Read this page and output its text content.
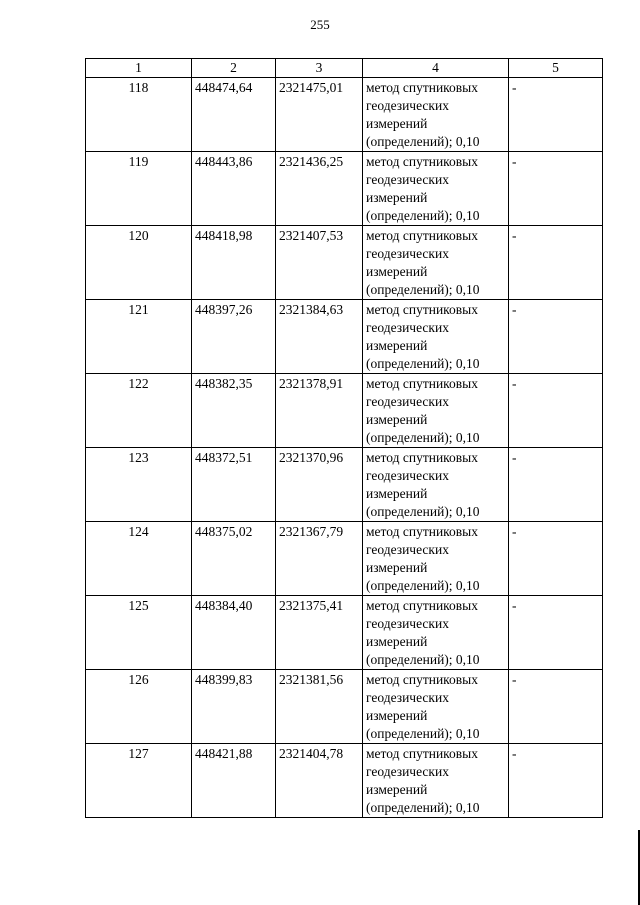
255
1	2	3	4	5
118	448474,64	2321475,01	метод спутниковых
геодезических
измерений
(определений); 0,10	-
119	448443,86	2321436,25	метод спутниковых
геодезических
измерений
(определений); 0,10	-
120	448418,98	2321407,53	метод спутниковых
геодезических
измерений
(определений); 0,10	-
121	448397,26	2321384,63	метод спутниковых
геодезических
измерений
(определений); 0,10	-
122	448382,35	2321378,91	метод спутниковых
геодезических
измерений
(определений); 0,10	-
123	448372,51	2321370,96	метод спутниковых
геодезических
измерений
(определений); 0,10	-
124	448375,02	2321367,79	метод спутниковых
геодезических
измерений
(определений); 0,10	-
125	448384,40	2321375,41	метод спутниковых
геодезических
измерений
(определений); 0,10	-
126	448399,83	2321381,56	метод спутниковых
геодезических
измерений
(определений); 0,10	-
127	448421,88	2321404,78	метод спутниковых
геодезических
измерений
(определений); 0,10	-
